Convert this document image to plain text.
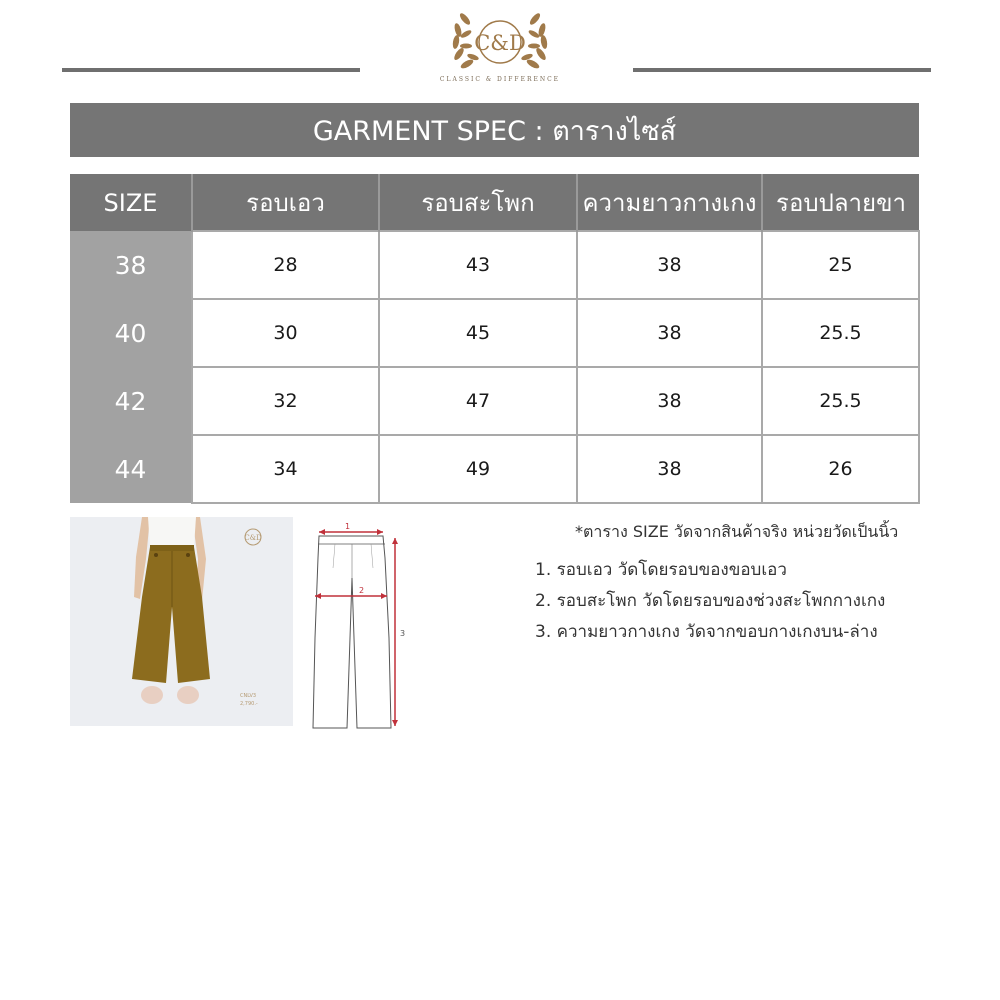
C&D
CLASSIC & DIFFERENCE
GARMENT SPEC : ตารางไซส์
SIZE	รอบเอว	รอบสะโพก	ความยาวกางเกง	รอบปลายขา
38	28	43	38	25
40	30	45	38	25.5
42	32	47	38	25.5
44	34	49	38	26
C&D
CNLV3
2,790.-
1
2
3
*ตาราง SIZE วัดจากสินค้าจริง หน่วยวัดเป็นนิ้ว
1. รอบเอว วัดโดยรอบของขอบเอว
2. รอบสะโพก วัดโดยรอบของช่วงสะโพกกางเกง
3. ความยาวกางเกง วัดจากขอบกางเกงบน-ล่าง
